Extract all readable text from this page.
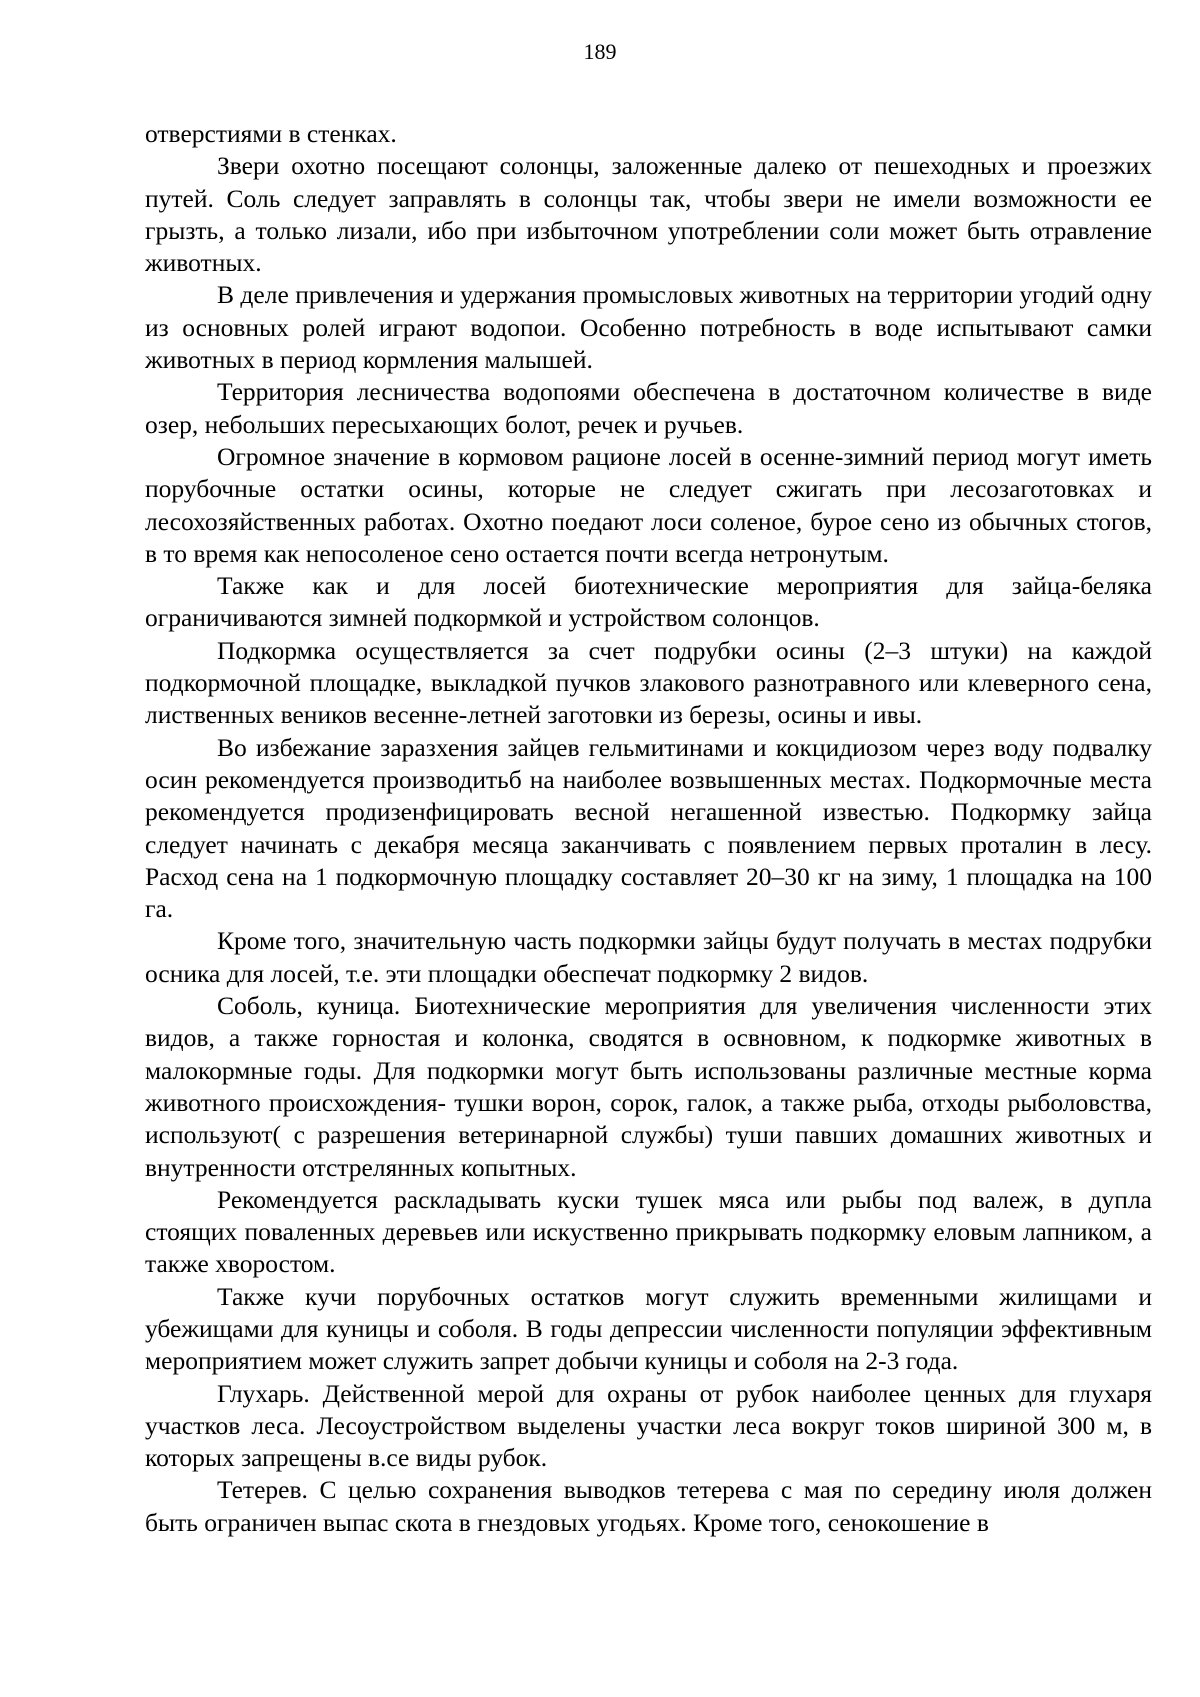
189

отверстиями в стенках.

Звери охотно посещают солонцы, заложенные далеко от пешеходных и проезжих путей. Соль следует заправлять в солонцы так, чтобы звери не имели возможности ее грызть, а только лизали, ибо при избыточном употреблении соли может быть отравление животных.

В деле привлечения и удержания промысловых животных на территории угодий одну из основных ролей играют водопои. Особенно потребность в воде испытывают самки животных в период кормления малышей.

Территория лесничества водопоями обеспечена в достаточном количестве в виде озер, небольших пересыхающих болот, речек и ручьев.

Огромное значение в кормовом рационе лосей в осенне-зимний период могут иметь порубочные остатки осины, которые не следует сжигать при лесозаготовках и лесохозяйственных работах. Охотно поедают лоси соленое, бурое сено из обычных стогов, в то время как непосоленое сено остается почти всегда нетронутым.

Также как и для лосей биотехнические мероприятия для зайца-беляка ограничиваются зимней подкормкой и устройством солонцов.

Подкормка осуществляется за счет подрубки осины (2–3 штуки) на каждой подкормочной площадке, выкладкой пучков злакового разнотравного или клеверного сена, лиственных веников весенне-летней заготовки из березы, осины и ивы.

Во избежание заразхения зайцев гельмитинами и кокцидиозом через воду подвалку осин рекомендуется производитьб на наиболее возвышенных местах. Подкормочные места рекомендуется продизенфицировать весной негашенной известью. Подкормку зайца следует начинать с декабря месяца заканчивать с появлением первых проталин в лесу. Расход сена на 1 подкормочную площадку составляет 20–30 кг на зиму, 1 площадка на 100 га.

Кроме того, значительную часть подкормки зайцы будут получать в местах подрубки осника для лосей, т.е. эти площадки обеспечат подкормку 2 видов.

Соболь, куница. Биотехнические мероприятия для увеличения численности этих видов, а также горностая и колонка, сводятся в освновном, к подкормке животных в малокормные годы. Для подкормки могут быть использованы различные местные корма животного происхождения- тушки ворон, сорок, галок, а также рыба, отходы рыболовства, используют( с разрешения ветеринарной службы) туши павших домашних животных и внутренности отстрелянных копытных.

Рекомендуется раскладывать куски тушек мяса или рыбы под валеж, в дупла стоящих поваленных деревьев или искуственно прикрывать подкормку еловым лапником, а также хворостом.

Также кучи порубочных остатков могут служить временными жилищами и убежищами для куницы и соболя. В годы депрессии численности популяции эффективным мероприятием может служить запрет добычи куницы и соболя на 2-3 года.

Глухарь. Действенной мерой для охраны от рубок наиболее ценных для глухаря участков леса. Лесоустройством выделены участки леса вокруг токов шириной 300 м, в которых запрещены в.се виды рубок.

Тетерев. С целью сохранения выводков тетерева с мая по середину июля должен быть ограничен выпас скота в гнездовых угодьях. Кроме того, сенокошение в
